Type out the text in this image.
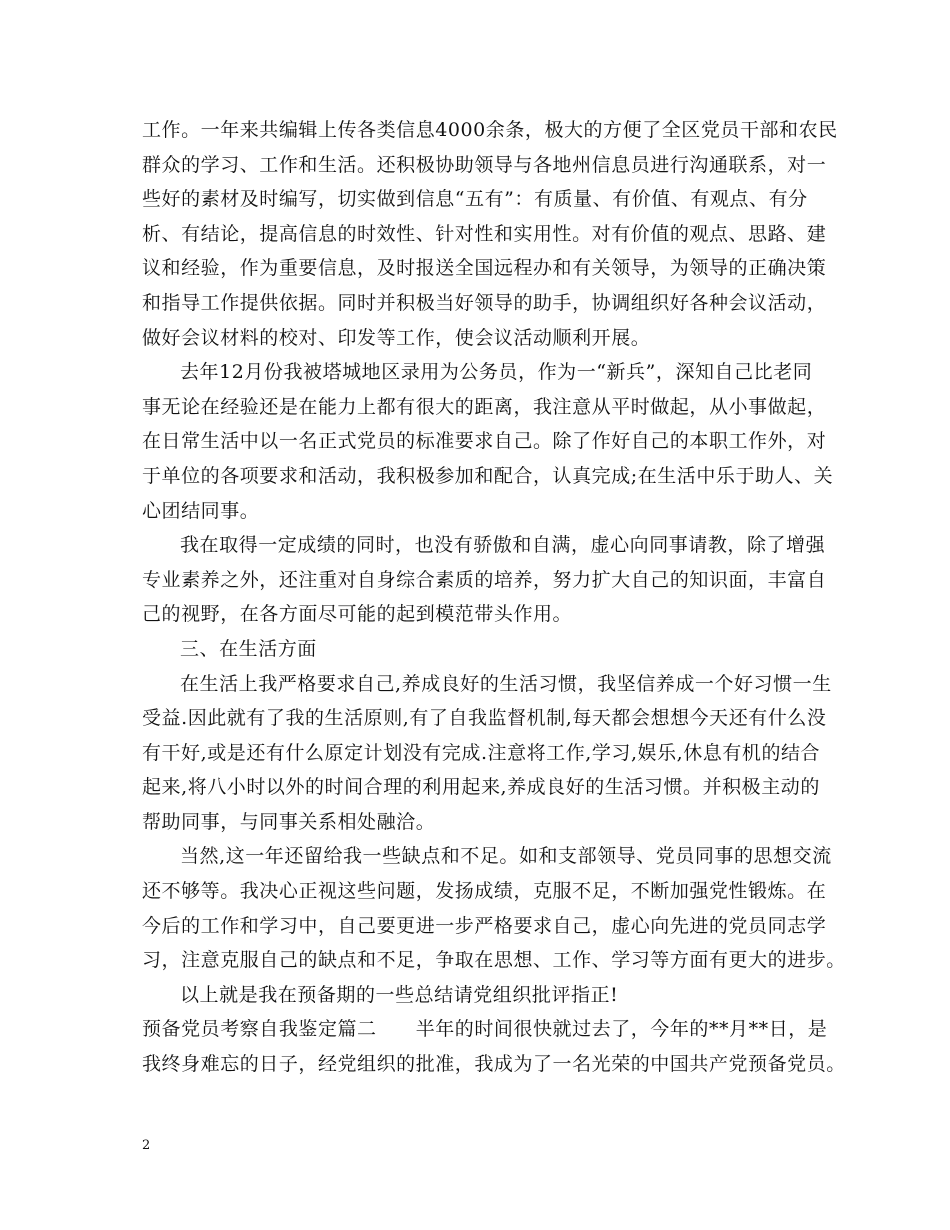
工作。一年来共编辑上传各类信息4000余条，极大的方便了全区党员干部和农民
群众的学习、工作和生活。还积极协助领导与各地州信息员进行沟通联系，对一
些好的素材及时编写，切实做到信息“五有”：有质量、有价值、有观点、有分
析、有结论，提高信息的时效性、针对性和实用性。对有价值的观点、思路、建
议和经验，作为重要信息，及时报送全国远程办和有关领导，为领导的正确决策
和指导工作提供依据。同时并积极当好领导的助手，协调组织好各种会议活动，
做好会议材料的校对、印发等工作，使会议活动顺利开展。
去年12月份我被塔城地区录用为公务员，作为一“新兵”，深知自己比老同
事无论在经验还是在能力上都有很大的距离，我注意从平时做起，从小事做起，
在日常生活中以一名正式党员的标准要求自己。除了作好自己的本职工作外，对
于单位的各项要求和活动，我积极参加和配合，认真完成;在生活中乐于助人、关
心团结同事。
我在取得一定成绩的同时，也没有骄傲和自满，虚心向同事请教，除了增强
专业素养之外，还注重对自身综合素质的培养，努力扩大自己的知识面，丰富自
己的视野，在各方面尽可能的起到模范带头作用。
三、在生活方面
在生活上我严格要求自己,养成良好的生活习惯，我坚信养成一个好习惯一生
受益.因此就有了我的生活原则,有了自我监督机制,每天都会想想今天还有什么没
有干好,或是还有什么原定计划没有完成.注意将工作,学习,娱乐,休息有机的结合
起来,将八小时以外的时间合理的利用起来,养成良好的生活习惯。并积极主动的
帮助同事，与同事关系相处融洽。
当然,这一年还留给我一些缺点和不足。如和支部领导、党员同事的思想交流
还不够等。我决心正视这些问题，发扬成绩，克服不足，不断加强党性锻炼。在
今后的工作和学习中，自己要更进一步严格要求自己，虚心向先进的党员同志学
习，注意克服自己的缺点和不足，争取在思想、工作、学习等方面有更大的进步。
以上就是我在预备期的一些总结请党组织批评指正!
预备党员考察自我鉴定篇二　　半年的时间很快就过去了，今年的**月**日，是
我终身难忘的日子，经党组织的批准，我成为了一名光荣的中国共产党预备党员。
2
